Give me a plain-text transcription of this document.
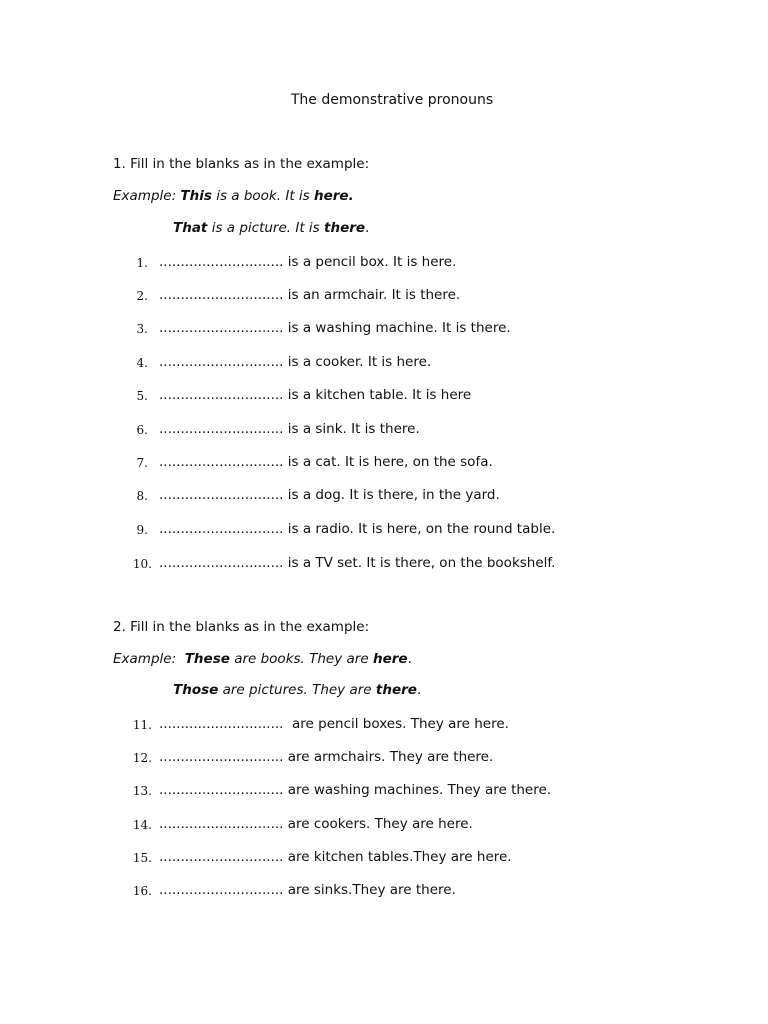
The demonstrative pronouns
1. Fill in the blanks as in the example:
Example: This is a book. It is here.
That is a picture. It is there.
1. ............................. is a pencil box. It is here.
2. ............................. is an armchair. It is there.
3. ............................. is a washing machine. It is there.
4. ............................. is a cooker. It is here.
5. ............................. is a kitchen table. It is here
6. ............................. is a sink. It is there.
7. ............................. is a cat. It is here, on the sofa.
8. ............................. is a dog. It is there, in the yard.
9. ............................. is a radio. It is here, on the round table.
10. ............................. is a TV set. It is there, on the bookshelf.
2. Fill in the blanks as in the example:
Example: These are books. They are here.
Those are pictures. They are there.
11. .............................  are pencil boxes. They are here.
12. ............................. are armchairs. They are there.
13. ............................. are washing machines. They are there.
14. ............................. are cookers. They are here.
15. ............................. are kitchen tables.They are here.
16. ............................. are sinks.They are there.
